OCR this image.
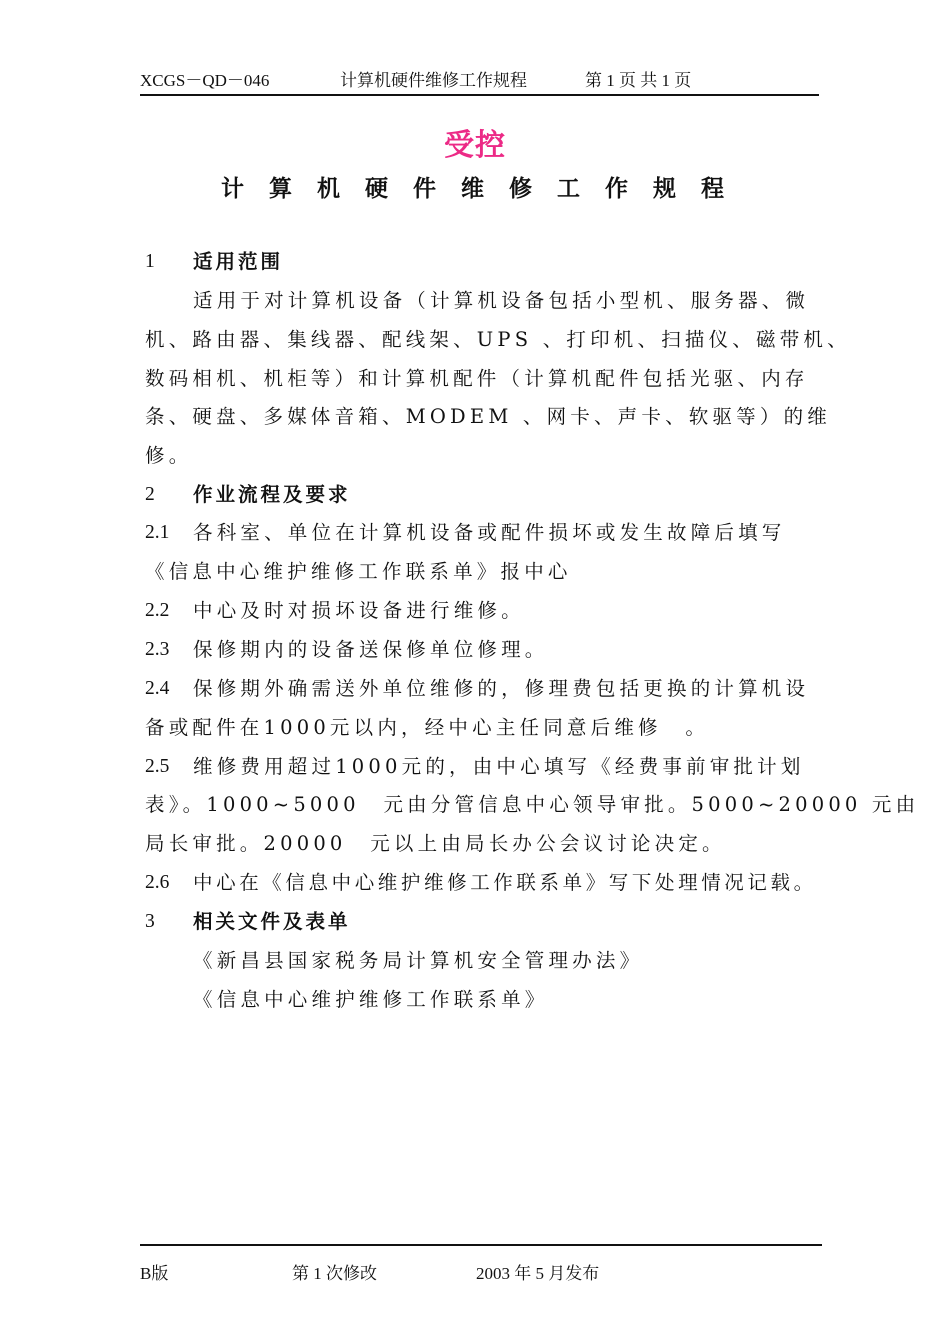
XCGS－QD－046	计算机硬件维修工作规程	第 1 页 共 1 页
受控
计算机硬件维修工作规程
1 适用范围
适用于对计算机设备（计算机设备包括小型机、服务器、微
机、路由器、集线器、配线架、UPS 、打印机、扫描仪、磁带机、
数码相机、机柜等）和计算机配件（计算机配件包括光驱、内存
条、硬盘、多媒体音箱、MODEM 、网卡、声卡、软驱等）的维
修。
2 作业流程及要求
2.1 各科室、单位在计算机设备或配件损坏或发生故障后填写
《信息中心维护维修工作联系单》报中心
2.2 中心及时对损坏设备进行维修。
2.3 保修期内的设备送保修单位修理。
2.4 保修期外确需送外单位维修的，修理费包括更换的计算机设
备或配件在1000元以内，经中心主任同意后维修　。
2.5 维修费用超过1000元的，由中心填写《经费事前审批计划
表》。1000~5000　元由分管信息中心领导审批。5000~20000 元由
局长审批。20000　元以上由局长办公会议讨论决定。
2.6 中心在《信息中心维护维修工作联系单》写下处理情况记载。
3 相关文件及表单
《新昌县国家税务局计算机安全管理办法》
《信息中心维护维修工作联系单》
B版	第 1 次修改	2003 年 5 月发布
